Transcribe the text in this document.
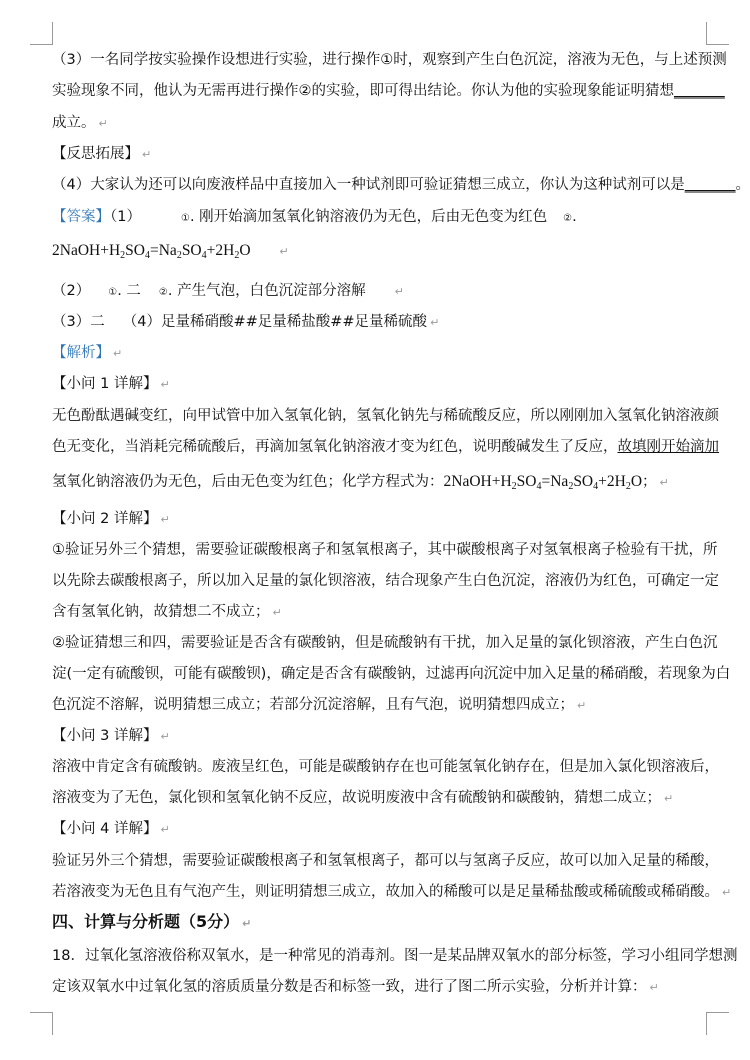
（3）一名同学按实验操作设想进行实验，进行操作①时，观察到产生白色沉淀，溶液为无色，与上述预测
实验现象不同，他认为无需再进行操作②的实验，即可得出结论。你认为他的实验现象能证明猜想_______
成立。 ↵
【反思拓展】 ↵
（4）大家认为还可以向废液样品中直接加入一种试剂即可验证猜想三成立，你认为这种试剂可以是_______。
【答案】（1）	①. 刚开始滴加氢氧化钠溶液仍为无色，后由无色变为红色 ②.
$2NaOH+H_2SO_4=Na_2SO_4+2H_2O$	↵
（2） ①. 二 ②. 产生气泡，白色沉淀部分溶解	↵
（3）二 （4）足量稀硝酸##足量稀盐酸##足量稀硫酸 ↵
【解析】 ↵
【小问 1 详解】 ↵
无色酚酞遇碱变红，向甲试管中加入氢氧化钠，氢氧化钠先与稀硫酸反应，所以刚刚加入氢氧化钠溶液颜
色无变化，当消耗完稀硫酸后，再滴加氢氧化钠溶液才变为红色，说明酸碱发生了反应，故填刚开始滴加
氢氧化钠溶液仍为无色，后由无色变为红色；化学方程式为：$2NaOH+H_2SO_4=Na_2SO_4+2H_2O$； ↵
【小问 2 详解】 ↵
①验证另外三个猜想，需要验证碳酸根离子和氢氧根离子，其中碳酸根离子对氢氧根离子检验有干扰，所
以先除去碳酸根离子，所以加入足量的氯化钡溶液，结合现象产生白色沉淀，溶液仍为红色，可确定一定
含有氢氧化钠，故猜想二不成立； ↵
②验证猜想三和四，需要验证是否含有碳酸钠，但是硫酸钠有干扰，加入足量的氯化钡溶液，产生白色沉
淀(一定有硫酸钡，可能有碳酸钡)，确定是否含有碳酸钠，过滤再向沉淀中加入足量的稀硝酸，若现象为白
色沉淀不溶解，说明猜想三成立；若部分沉淀溶解，且有气泡，说明猜想四成立； ↵
【小问 3 详解】 ↵
溶液中肯定含有硫酸钠。废液呈红色，可能是碳酸钠存在也可能氢氧化钠存在，但是加入氯化钡溶液后，
溶液变为了无色，氯化钡和氢氧化钠不反应，故说明废液中含有硫酸钠和碳酸钠，猜想二成立； ↵
【小问 4 详解】 ↵
验证另外三个猜想，需要验证碳酸根离子和氢氧根离子，都可以与氢离子反应，故可以加入足量的稀酸，
若溶液变为无色且有气泡产生，则证明猜想三成立，故加入的稀酸可以是足量稀盐酸或稀硫酸或稀硝酸。 ↵
四、计算与分析题（5分） ↵
18．过氧化氢溶液俗称双氧水，是一种常见的消毒剂。图一是某品牌双氧水的部分标签，学习小组同学想测
定该双氧水中过氧化氢的溶质质量分数是否和标签一致，进行了图二所示实验，分析并计算： ↵
